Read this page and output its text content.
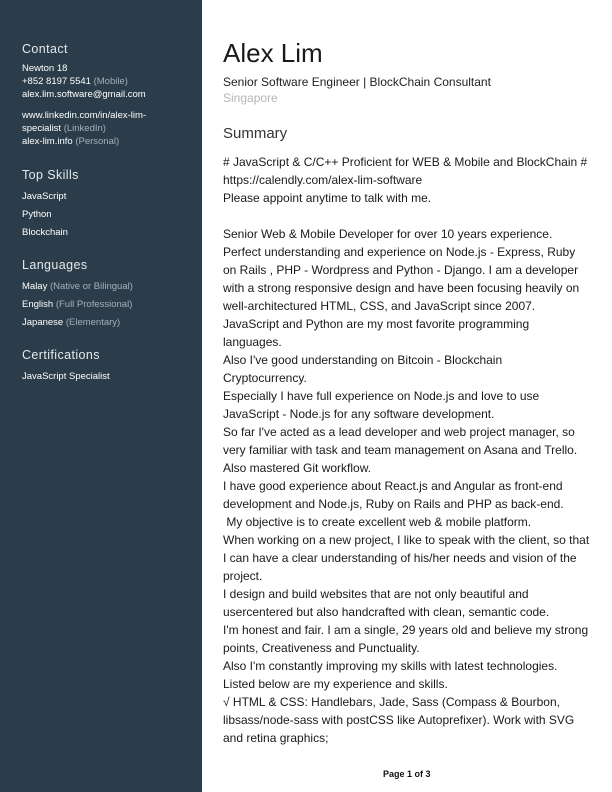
Contact
Newton 18
+852 8197 5541 (Mobile)
alex.lim.software@gmail.com
www.linkedin.com/in/alex-lim-
specialist (LinkedIn)
alex-lim.info (Personal)
Top Skills
JavaScript
Python
Blockchain
Languages
Malay (Native or Bilingual)
English (Full Professional)
Japanese (Elementary)
Certifications
JavaScript Specialist
Alex Lim
Senior Software Engineer | BlockChain Consultant
Singapore
Summary
# JavaScript & C/C++ Proficient for WEB & Mobile and BlockChain #
https://calendly.com/alex-lim-software
Please appoint anytime to talk with me.
Senior Web & Mobile Developer for over 10 years experience.
Perfect understanding and experience on Node.js - Express, Ruby
on Rails , PHP - Wordpress and Python - Django. I am a developer
with a strong responsive design and have been focusing heavily on
well-architectured HTML, CSS, and JavaScript since 2007.
JavaScript and Python are my most favorite programming
languages.
Also I've good understanding on Bitcoin - Blockchain
Cryptocurrency.
Especially I have full experience on Node.js and love to use
JavaScript - Node.js for any software development.
So far I've acted as a lead developer and web project manager, so
very familiar with task and team management on Asana and Trello.
Also mastered Git workflow.
I have good experience about React.js and Angular as front-end
development and Node.js, Ruby on Rails and PHP as back-end.
My objective is to create excellent web & mobile platform.
When working on a new project, I like to speak with the client, so that
I can have a clear understanding of his/her needs and vision of the
project.
I design and build websites that are not only beautiful and
usercentered but also handcrafted with clean, semantic code.
I'm honest and fair. I am a single, 29 years old and believe my strong
points, Creativeness and Punctuality.
Also I'm constantly improving my skills with latest technologies.
Listed below are my experience and skills.
√ HTML & CSS: Handlebars, Jade, Sass (Compass & Bourbon,
libsass/node-sass with postCSS like Autoprefixer). Work with SVG
and retina graphics;
Page 1 of 3
